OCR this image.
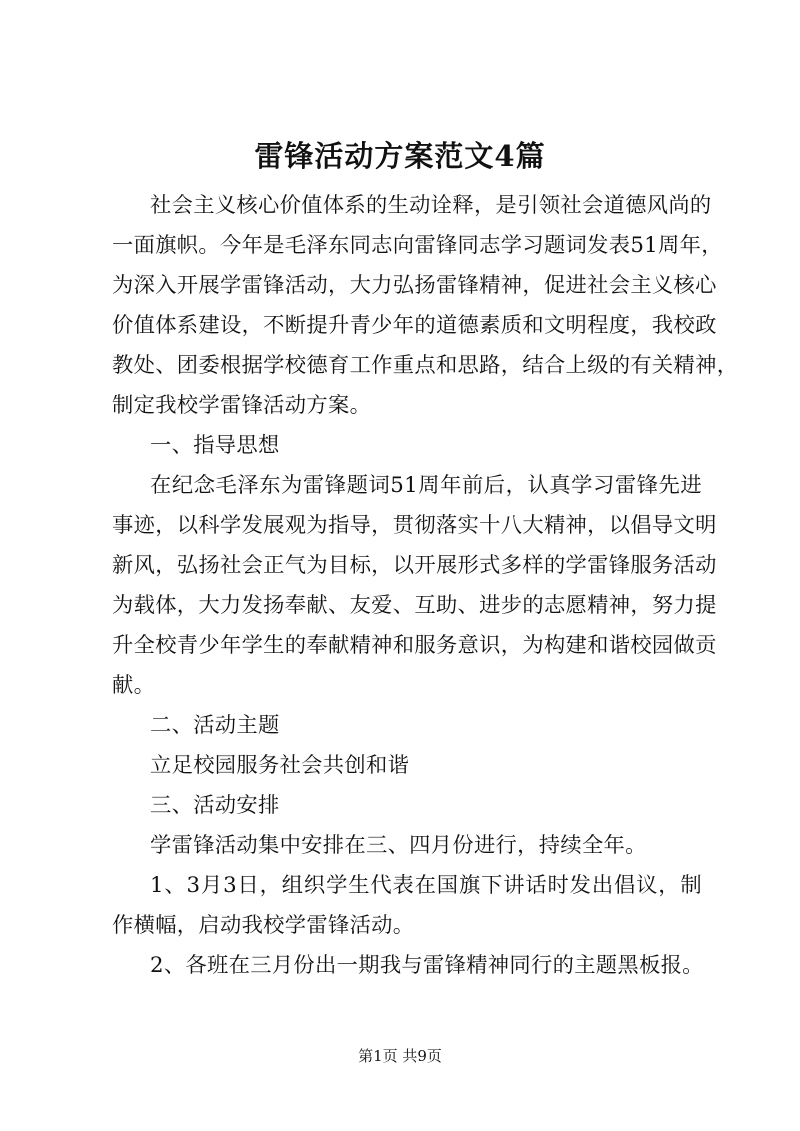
雷锋活动方案范文4篇
社会主义核心价值体系的生动诠释，是引领社会道德风尚的
一面旗帜。今年是毛泽东同志向雷锋同志学习题词发表51周年，
为深入开展学雷锋活动，大力弘扬雷锋精神，促进社会主义核心
价值体系建设，不断提升青少年的道德素质和文明程度，我校政
教处、团委根据学校德育工作重点和思路，结合上级的有关精神，
制定我校学雷锋活动方案。
一、指导思想
在纪念毛泽东为雷锋题词51周年前后，认真学习雷锋先进
事迹，以科学发展观为指导，贯彻落实十八大精神，以倡导文明
新风，弘扬社会正气为目标，以开展形式多样的学雷锋服务活动
为载体，大力发扬奉献、友爱、互助、进步的志愿精神，努力提
升全校青少年学生的奉献精神和服务意识，为构建和谐校园做贡
献。
二、活动主题
立足校园服务社会共创和谐
三、活动安排
学雷锋活动集中安排在三、四月份进行，持续全年。
1、3月3日，组织学生代表在国旗下讲话时发出倡议，制
作横幅，启动我校学雷锋活动。
2、各班在三月份出一期我与雷锋精神同行的主题黑板报。
第1页 共9页
